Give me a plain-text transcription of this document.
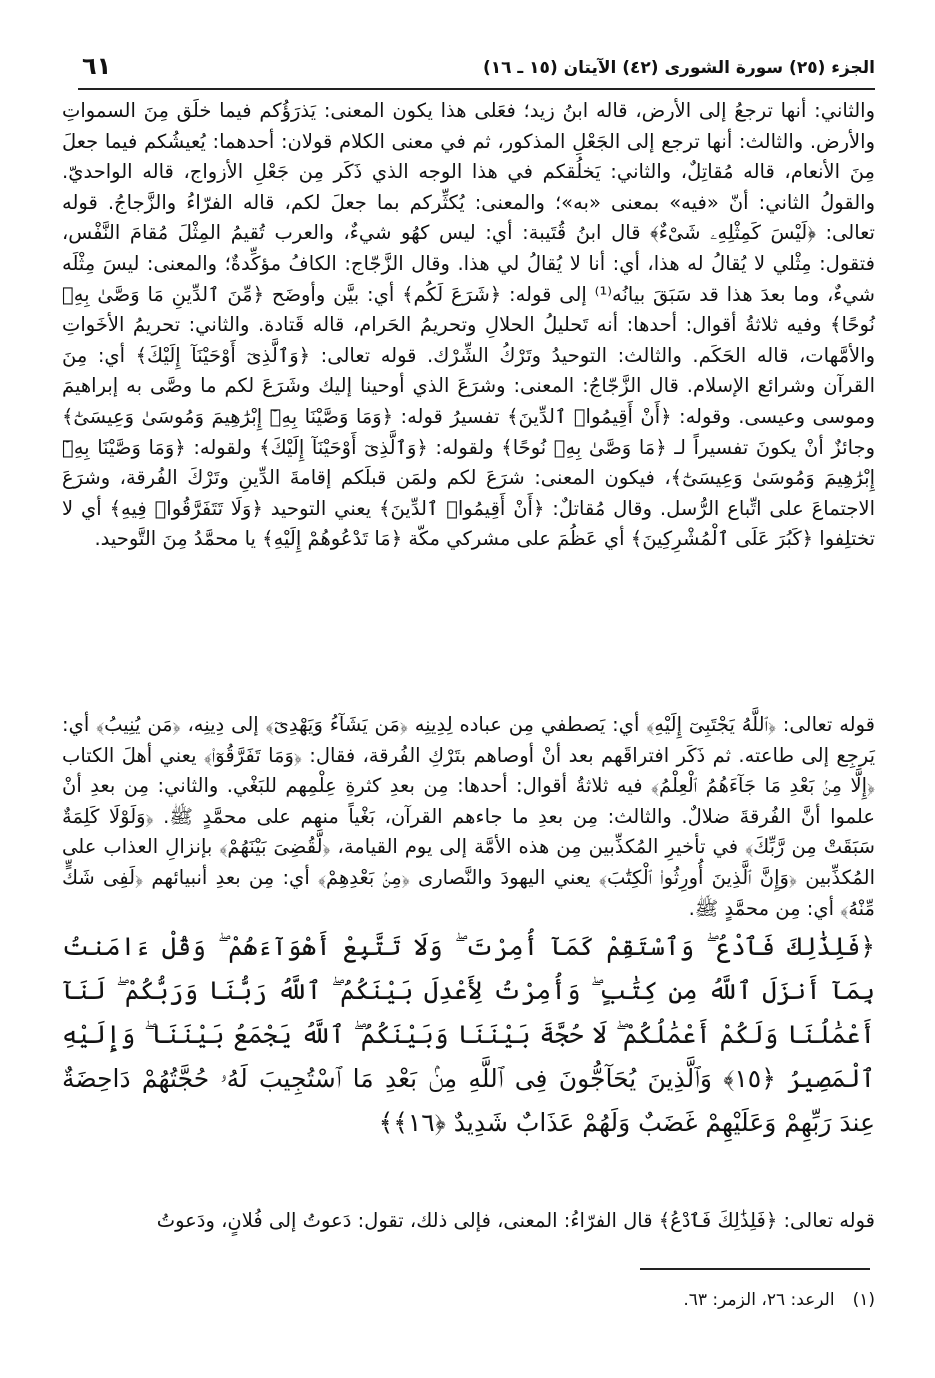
الجزء (٢٥) سورة الشورى (٤٢) الآيتان (١٥ ـ ١٦)
٦١
والثاني: أنها ترجعُ إلى الأرض، قاله ابنُ زيد؛ فعَلى هذا يكون المعنى: يَذرَؤُكم فيما خلَق مِنَ السمواتِ والأرض. والثالث: أنها ترجع إلى الجَعْلِ المذكور، ثم في معنى الكلام قولان: أحدهما: يُعيشُكم فيما جعلَ مِنَ الأنعام، قاله مُقاتِلٌ، والثاني: يَخلُقكم في هذا الوجه الذي ذَكَر مِن جَعْلِ الأزواج، قاله الواحديّ. والقولُ الثاني: أنّ «فيه» بمعنى «به»؛ والمعنى: يُكثِّركم بما جعلَ لكم، قاله الفرّاءُ والزَّجاجُ. قوله تعالى: ﴿لَيْسَ كَمِثْلِهِۦ شَىْءٌ﴾ قال ابنُ قُتَيبة: أي: ليس كهُو شيءٌ، والعرب تُقيمُ المِثْلَ مُقامَ النَّفْس، فتقول: مِثْلي لا يُقالُ له هذا، أي: أنا لا يُقالُ لي هذا. وقال الزَّجّاج: الكافُ مؤكِّدةٌ؛ والمعنى: ليسَ مِثْلَه شيءٌ، وما بعدَ هذا قد سَبَقَ بيانُه⁽¹⁾ إلى قوله: ﴿شَرَعَ لَكُم﴾ أي: بيَّن وأوضَح ﴿مِّنَ ٱلدِّينِ مَا وَصَّىٰ بِهِۦ نُوحًا﴾ وفيه ثلاثةُ أقوال: أحدها: أنه تَحليلُ الحلالِ وتحريمُ الحَرام، قاله قَتادة. والثاني: تحريمُ الأخَواتِ والأمَّهات، قاله الحَكَم. والثالث: التوحيدُ وتَرْكُ الشِّرْك. قوله تعالى: ﴿وَٱلَّذِىٓ أَوْحَيْنَآ إِلَيْكَ﴾ أي: مِنَ القرآن وشرائع الإسلام. قال الزَّجّاجُ: المعنى: وشرَعَ الذي أوحينا إليك وشَرَعَ لكم ما وصَّى به إبراهيمَ وموسى وعيسى. وقوله: ﴿أَنْ أَقِيمُوا۟ ٱلدِّينَ﴾ تفسيرُ قوله: ﴿وَمَا وَصَّيْنَا بِهِۦٓ إِبْرَٰهِيمَ وَمُوسَىٰ وَعِيسَىٰٓ﴾ وجائزٌ أنْ يكونَ تفسيراً لـ ﴿مَا وَصَّىٰ بِهِۦ نُوحًا﴾ ولقوله: ﴿وَٱلَّذِىٓ أَوْحَيْنَآ إِلَيْكَ﴾ ولقوله: ﴿وَمَا وَصَّيْنَا بِهِۦٓ إِبْرَٰهِيمَ وَمُوسَىٰ وَعِيسَىٰٓ﴾، فيكون المعنى: شرَعَ لكم ولمَن قبلَكم إقامةَ الدِّينِ وتَرْكَ الفُرقة، وشرَعَ الاجتماعَ على اتِّباع الرُّسل. وقال مُقاتلٌ: ﴿أَنْ أَقِيمُوا۟ ٱلدِّينَ﴾ يعني التوحيد ﴿وَلَا تَتَفَرَّقُوا۟ فِيهِ﴾ أي لا تختلِفوا ﴿كَبُرَ عَلَى ٱلْمُشْرِكِينَ﴾ أي عَظُمَ على مشركي مكّة ﴿مَا تَدْعُوهُمْ إِلَيْهِ﴾ يا محمَّدُ مِنَ التَّوحيد.
قوله تعالى: ﴿ٱللَّهُ يَجْتَبِىٓ إِلَيْهِ﴾ أي: يَصطفي مِن عباده لِدِينِه ﴿مَن يَشَآءُ وَيَهْدِىٓ﴾ إلى دِينِه، ﴿مَن يُنِيبُ﴾ أي: يَرجِع إلى طاعته. ثم ذَكَر افتراقَهم بعد أنْ أوصاهم بتَرْكِ الفُرقة، فقال: ﴿وَمَا تَفَرَّقُوٓا۟﴾ يعني أهلَ الكتاب ﴿إِلَّا مِنۢ بَعْدِ مَا جَآءَهُمُ ٱلْعِلْمُ﴾ فيه ثلاثةُ أقوال: أحدها: مِن بعدِ كثرةِ عِلْمِهم للبَغْي. والثاني: مِن بعدِ أنْ علموا أنَّ الفُرقةَ ضلالٌ. والثالث: مِن بعدِ ما جاءهم القرآن، بَغْياً منهم على محمَّدٍ ﷺ. ﴿وَلَوْلَا كَلِمَةٌ سَبَقَتْ مِن رَّبِّكَ﴾ في تأخيرِ المُكذِّبين مِن هذه الأمَّة إلى يوم القيامة، ﴿لَّقُضِىَ بَيْنَهُمْ﴾ بإنزالِ العذاب على المُكذِّبين ﴿وَإِنَّ ٱلَّذِينَ أُورِثُوا۟ ٱلْكِتَٰبَ﴾ يعني اليهودَ والنَّصارى ﴿مِنۢ بَعْدِهِمْ﴾ أي: مِن بعدِ أنبيائهم ﴿لَفِى شَكٍّ مِّنْهُ﴾ أي: مِن محمَّدٍ ﷺ.
﴿فَلِذَٰلِكَ فَٱدْعُ ۖ وَٱسْتَقِمْ كَمَآ أُمِرْتَ ۖ وَلَا تَتَّبِعْ أَهْوَآءَهُمْ ۖ وَقُلْ ءَامَنتُ بِمَآ أَنزَلَ ٱللَّهُ مِن كِتَٰبٍ ۖ وَأُمِرْتُ لِأَعْدِلَ بَيْنَكُمُ ۖ ٱللَّهُ رَبُّنَا وَرَبُّكُمْ ۖ لَنَآ أَعْمَٰلُنَا وَلَكُمْ أَعْمَٰلُكُمْ ۖ لَا حُجَّةَ بَيْنَنَا وَبَيْنَكُمُ ۖ ٱللَّهُ يَجْمَعُ بَيْنَنَا ۖ وَإِلَيْهِ ٱلْمَصِيرُ ﴿١٥﴾ وَٱلَّذِينَ يُحَآجُّونَ فِى ٱللَّهِ مِنۢ بَعْدِ مَا ٱسْتُجِيبَ لَهُۥ حُجَّتُهُمْ دَاحِضَةٌ عِندَ رَبِّهِمْ وَعَلَيْهِمْ غَضَبٌ وَلَهُمْ عَذَابٌ شَدِيدٌ ﴿١٦﴾﴾
قوله تعالى: ﴿فَلِذَٰلِكَ فَٱدْعُ﴾ قال الفرّاءُ: المعنى، فإلى ذلك، تقول: دَعوتُ إلى فُلانٍ، ودَعوتُ
(١)الرعد: ٢٦، الزمر: ٦٣.
